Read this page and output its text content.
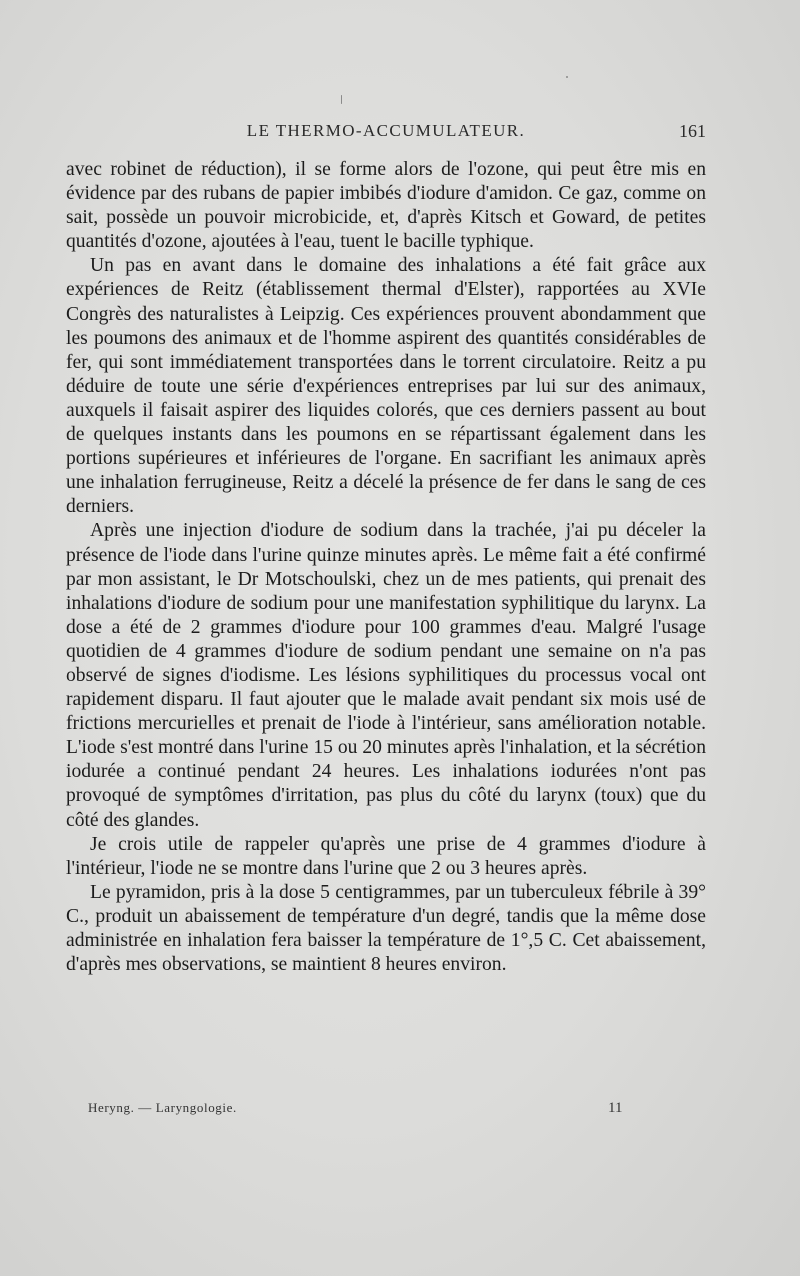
LE THERMO-ACCUMULATEUR.	161

avec robinet de réduction), il se forme alors de l'ozone, qui peut être mis en évidence par des rubans de papier imbibés d'iodure d'amidon. Ce gaz, comme on sait, possède un pouvoir microbicide, et, d'après Kitsch et Goward, de petites quantités d'ozone, ajoutées à l'eau, tuent le bacille typhique.

Un pas en avant dans le domaine des inhalations a été fait grâce aux expériences de Reitz (établissement thermal d'Elster), rapportées au XVIe Congrès des naturalistes à Leipzig. Ces expériences prouvent abondamment que les poumons des animaux et de l'homme aspirent des quantités considérables de fer, qui sont immédiatement transportées dans le torrent circulatoire. Reitz a pu déduire de toute une série d'expériences entreprises par lui sur des animaux, auxquels il faisait aspirer des liquides colorés, que ces derniers passent au bout de quelques instants dans les poumons en se répartissant également dans les portions supérieures et inférieures de l'organe. En sacrifiant les animaux après une inhalation ferrugineuse, Reitz a décelé la présence de fer dans le sang de ces derniers.

Après une injection d'iodure de sodium dans la trachée, j'ai pu déceler la présence de l'iode dans l'urine quinze minutes après. Le même fait a été confirmé par mon assistant, le Dr Motschoulski, chez un de mes patients, qui prenait des inhalations d'iodure de sodium pour une manifestation syphilitique du larynx. La dose a été de 2 grammes d'iodure pour 100 grammes d'eau. Malgré l'usage quotidien de 4 grammes d'iodure de sodium pendant une semaine on n'a pas observé de signes d'iodisme. Les lésions syphilitiques du processus vocal ont rapidement disparu. Il faut ajouter que le malade avait pendant six mois usé de frictions mercurielles et prenait de l'iode à l'intérieur, sans amélioration notable. L'iode s'est montré dans l'urine 15 ou 20 minutes après l'inhalation, et la sécrétion iodurée a continué pendant 24 heures. Les inhalations iodurées n'ont pas provoqué de symptômes d'irritation, pas plus du côté du larynx (toux) que du côté des glandes.

Je crois utile de rappeler qu'après une prise de 4 grammes d'iodure à l'intérieur, l'iode ne se montre dans l'urine que 2 ou 3 heures après.

Le pyramidon, pris à la dose 5 centigrammes, par un tuberculeux fébrile à 39° C., produit un abaissement de température d'un degré, tandis que la même dose administrée en inhalation fera baisser la température de 1°,5 C. Cet abaissement, d'après mes observations, se maintient 8 heures environ.

Heryng. — Laryngologie.	11
